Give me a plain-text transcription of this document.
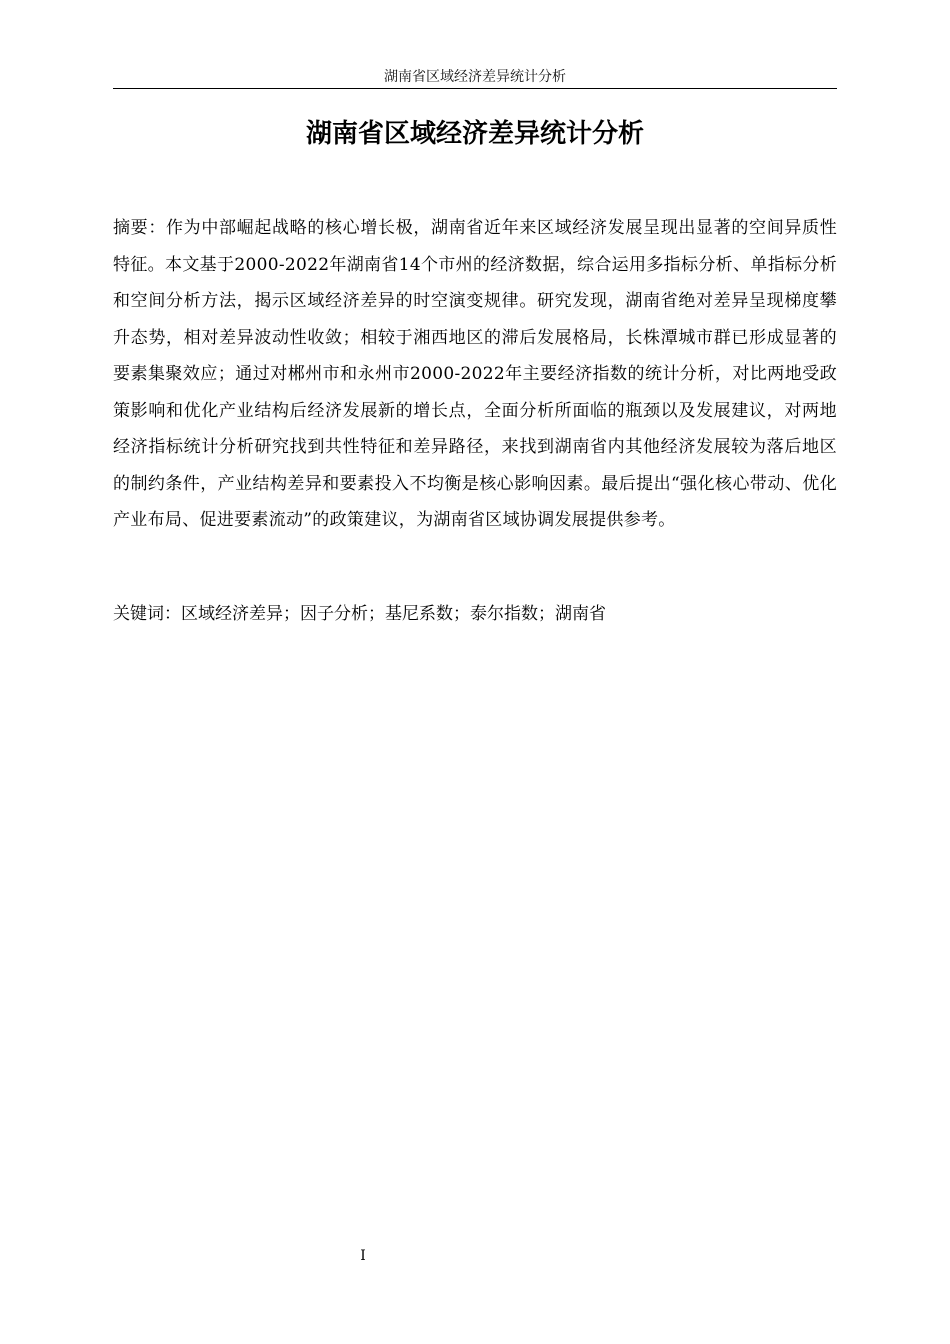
湖南省区域经济差异统计分析
湖南省区域经济差异统计分析

摘要：作为中部崛起战略的核心增长极，湖南省近年来区域经济发展呈现出显著的空间异质性特征。本文基于2000-2022年湖南省14个市州的经济数据，综合运用多指标分析、单指标分析和空间分析方法，揭示区域经济差异的时空演变规律。研究发现，湖南省绝对差异呈现梯度攀升态势，相对差异波动性收敛；相较于湘西地区的滞后发展格局，长株潭城市群已形成显著的要素集聚效应；通过对郴州市和永州市2000-2022年主要经济指数的统计分析，对比两地受政策影响和优化产业结构后经济发展新的增长点，全面分析所面临的瓶颈以及发展建议，对两地经济指标统计分析研究找到共性特征和差异路径，来找到湖南省内其他经济发展较为落后地区的制约条件，产业结构差异和要素投入不均衡是核心影响因素。最后提出“强化核心带动、优化产业布局、促进要素流动”的政策建议，为湖南省区域协调发展提供参考。

关键词：区域经济差异；因子分析；基尼系数；泰尔指数；湖南省

I
